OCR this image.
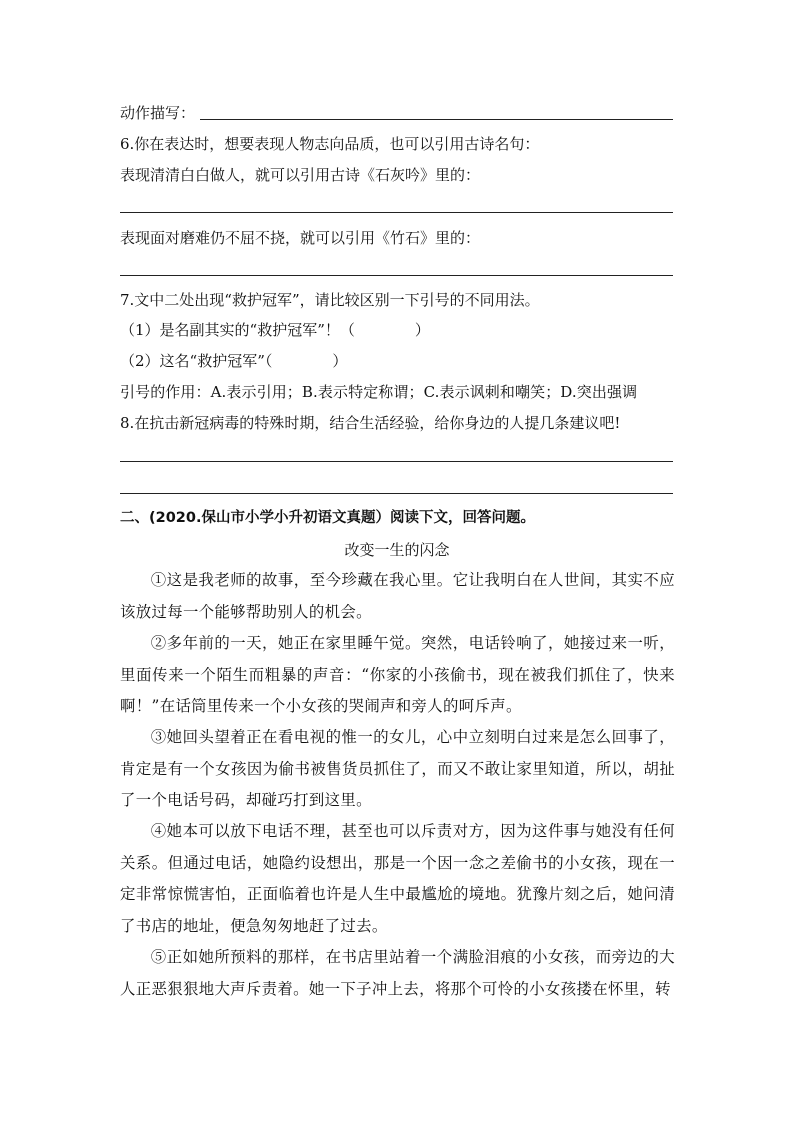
动作描写：
6.你在表达时，想要表现人物志向品质，也可以引用古诗名句：
表现清清白白做人，就可以引用古诗《石灰吟》里的：
表现面对磨难仍不屈不挠，就可以引用《竹石》里的：
7.文中二处出现“救护冠军”，请比较区别一下引号的不同用法。
（1）是名副其实的“救护冠军”！（　　　　）
（2）这名“救护冠军”（　　　　）
引号的作用：A.表示引用；B.表示特定称谓；C.表示讽刺和嘲笑；D.突出强调
8.在抗击新冠病毒的特殊时期，结合生活经验，给你身边的人提几条建议吧!
二、(2020.保山市小学小升初语文真题）阅读下文，回答问题。
改变一生的闪念
①这是我老师的故事，至今珍藏在我心里。它让我明白在人世间，其实不应该放过每一个能够帮助别人的机会。
②多年前的一天，她正在家里睡午觉。突然，电话铃响了，她接过来一听，里面传来一个陌生而粗暴的声音：“你家的小孩偷书，现在被我们抓住了，快来啊！”在话筒里传来一个小女孩的哭闹声和旁人的呵斥声。
③她回头望着正在看电视的惟一的女儿，心中立刻明白过来是怎么回事了，肯定是有一个女孩因为偷书被售货员抓住了，而又不敢让家里知道，所以，胡扯了一个电话号码，却碰巧打到这里。
④她本可以放下电话不理，甚至也可以斥责对方，因为这件事与她没有任何关系。但通过电话，她隐约设想出，那是一个因一念之差偷书的小女孩，现在一定非常惊慌害怕，正面临着也许是人生中最尴尬的境地。犹豫片刻之后，她问清了书店的地址，便急匆匆地赶了过去。
⑤正如她所预料的那样，在书店里站着一个满脸泪痕的小女孩，而旁边的大人正恶狠狠地大声斥责着。她一下子冲上去，将那个可怜的小女孩搂在怀里，转
